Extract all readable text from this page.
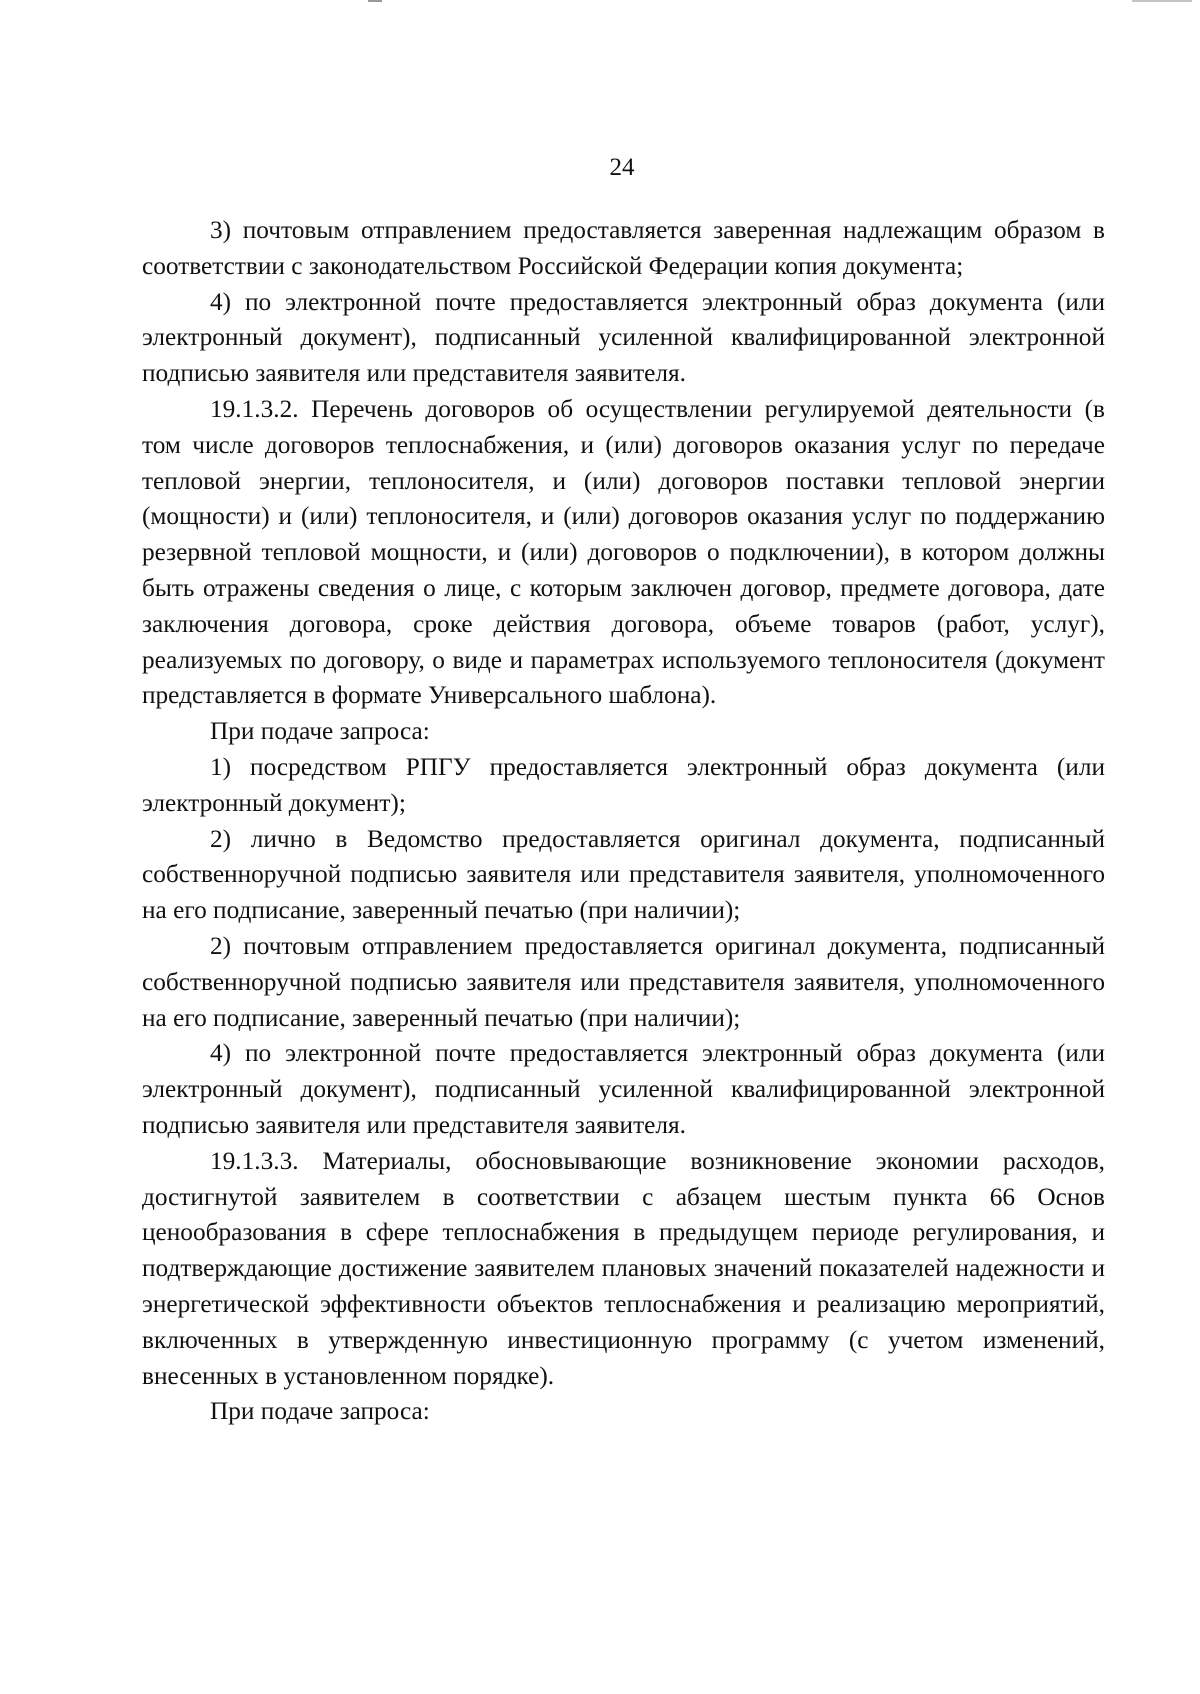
24

3) почтовым отправлением предоставляется заверенная надлежащим образом в соответствии с законодательством Российской Федерации копия документа;

4) по электронной почте предоставляется электронный образ документа (или электронный документ), подписанный усиленной квалифицированной электронной подписью заявителя или представителя заявителя.

19.1.3.2. Перечень договоров об осуществлении регулируемой деятельности (в том числе договоров теплоснабжения, и (или) договоров оказания услуг по передаче тепловой энергии, теплоносителя, и (или) договоров поставки тепловой энергии (мощности) и (или) теплоносителя, и (или) договоров оказания услуг по поддержанию резервной тепловой мощности, и (или) договоров о подключении), в котором должны быть отражены сведения о лице, с которым заключен договор, предмете договора, дате заключения договора, сроке действия договора, объеме товаров (работ, услуг), реализуемых по договору, о виде и параметрах используемого теплоносителя (документ представляется в формате Универсального шаблона).

При подаче запроса:

1) посредством РПГУ предоставляется электронный образ документа (или электронный документ);

2) лично в Ведомство предоставляется оригинал документа, подписанный собственноручной подписью заявителя или представителя заявителя, уполномоченного на его подписание, заверенный печатью (при наличии);

2) почтовым отправлением предоставляется оригинал документа, подписанный собственноручной подписью заявителя или представителя заявителя, уполномоченного на его подписание, заверенный печатью (при наличии);

4) по электронной почте предоставляется электронный образ документа (или электронный документ), подписанный усиленной квалифицированной электронной подписью заявителя или представителя заявителя.

19.1.3.3. Материалы, обосновывающие возникновение экономии расходов, достигнутой заявителем в соответствии с абзацем шестым пункта 66 Основ ценообразования в сфере теплоснабжения в предыдущем периоде регулирования, и подтверждающие достижение заявителем плановых значений показателей надежности и энергетической эффективности объектов теплоснабжения и реализацию мероприятий, включенных в утвержденную инвестиционную программу (с учетом изменений, внесенных в установленном порядке).

При подаче запроса:
